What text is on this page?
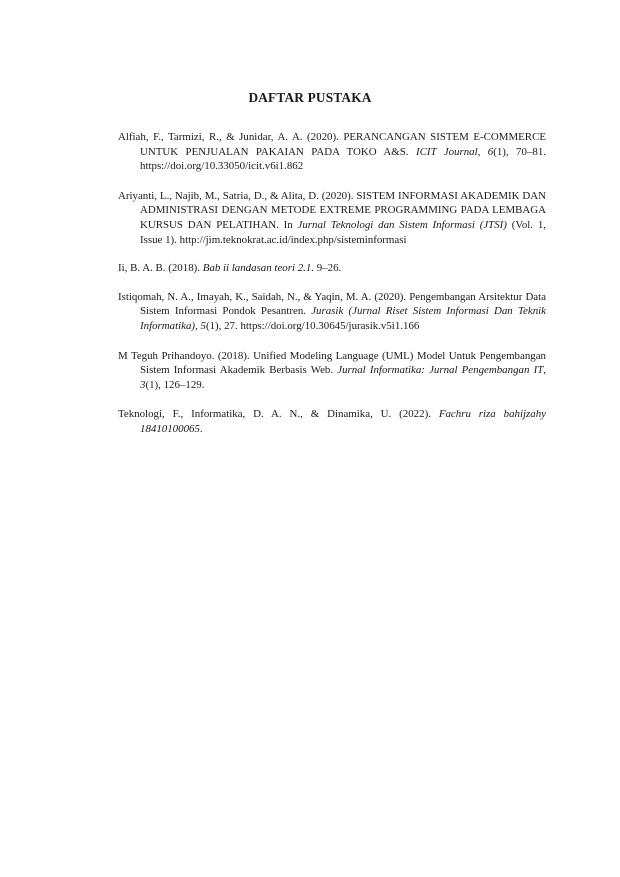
DAFTAR PUSTAKA

Alfiah, F., Tarmizi, R., & Junidar, A. A. (2020). PERANCANGAN SISTEM E-COMMERCE UNTUK PENJUALAN PAKAIAN PADA TOKO A&S. ICIT Journal, 6(1), 70–81. https://doi.org/10.33050/icit.v6i1.862

Ariyanti, L., Najib, M., Satria, D., & Alita, D. (2020). SISTEM INFORMASI AKADEMIK DAN ADMINISTRASI DENGAN METODE EXTREME PROGRAMMING PADA LEMBAGA KURSUS DAN PELATIHAN. In Jurnal Teknologi dan Sistem Informasi (JTSI) (Vol. 1, Issue 1). http://jim.teknokrat.ac.id/index.php/sisteminformasi

Ii, B. A. B. (2018). Bab ii landasan teori 2.1. 9–26.

Istiqomah, N. A., Imayah, K., Saidah, N., & Yaqin, M. A. (2020). Pengembangan Arsitektur Data Sistem Informasi Pondok Pesantren. Jurasik (Jurnal Riset Sistem Informasi Dan Teknik Informatika), 5(1), 27. https://doi.org/10.30645/jurasik.v5i1.166

M Teguh Prihandoyo. (2018). Unified Modeling Language (UML) Model Untuk Pengembangan Sistem Informasi Akademik Berbasis Web. Jurnal Informatika: Jurnal Pengembangan IT, 3(1), 126–129.

Teknologi, F., Informatika, D. A. N., & Dinamika, U. (2022). Fachru riza bahijzahy 18410100065.
